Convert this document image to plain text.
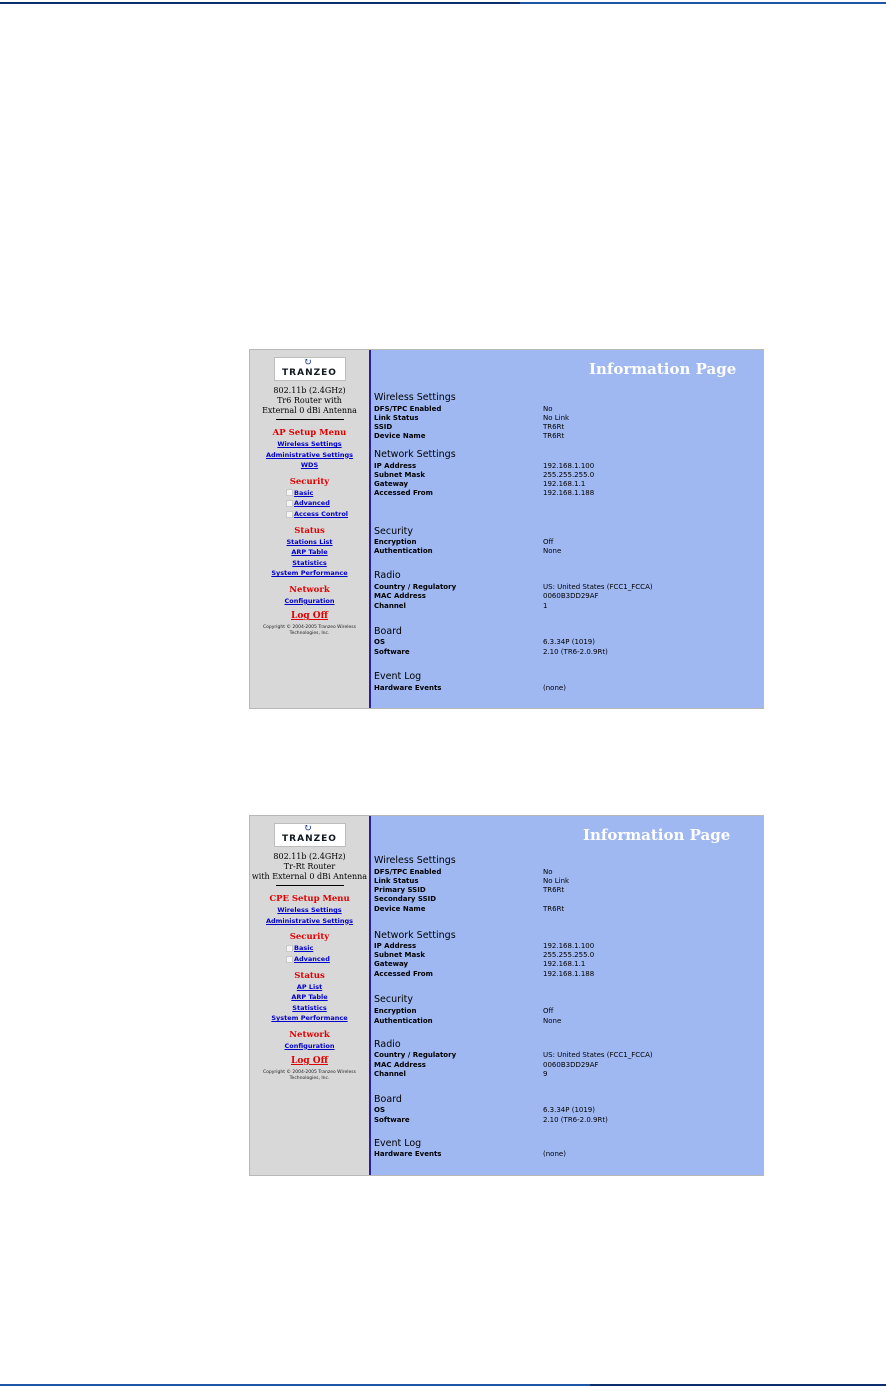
↻
TRANZEO
802.11b (2.4GHz)
Tr6 Router with
External 0 dBi Antenna
AP Setup Menu
Wireless Settings
Administrative Settings
WDS
Security
Basic
Advanced
Access Control
Status
Stations List
ARP Table
Statistics
System Performance
Network
Configuration
Log Off
Copyright © 2004-2005 Tranzeo Wireless Technologies, Inc.
Information Page
Wireless Settings
DFS/TPC Enabled	No
Link Status	No Link
SSID	TR6Rt
Device Name	TR6Rt
Network Settings
IP Address	192.168.1.100
Subnet Mask	255.255.255.0
Gateway	192.168.1.1
Accessed From	192.168.1.188
Security
Encryption	Off
Authentication	None
Radio
Country / Regulatory	US: United States (FCC1_FCCA)
MAC Address	0060B3DD29AF
Channel	1
Board
OS	6.3.34P (1019)
Software	2.10 (TR6-2.0.9Rt)
Event Log
Hardware Events	(none)
↻
TRANZEO
802.11b (2.4GHz)
Tr-Rt Router
with External 0 dBi Antenna
CPE Setup Menu
Wireless Settings
Administrative Settings
Security
Basic
Advanced
Status
AP List
ARP Table
Statistics
System Performance
Network
Configuration
Log Off
Copyright © 2004-2005 Tranzeo Wireless Technologies, Inc.
Information Page
Wireless Settings
DFS/TPC Enabled	No
Link Status	No Link
Primary SSID	TR6Rt
Secondary SSID
Device Name	TR6Rt
Network Settings
IP Address	192.168.1.100
Subnet Mask	255.255.255.0
Gateway	192.168.1.1
Accessed From	192.168.1.188
Security
Encryption	Off
Authentication	None
Radio
Country / Regulatory	US: United States (FCC1_FCCA)
MAC Address	0060B3DD29AF
Channel	9
Board
OS	6.3.34P (1019)
Software	2.10 (TR6-2.0.9Rt)
Event Log
Hardware Events	(none)
